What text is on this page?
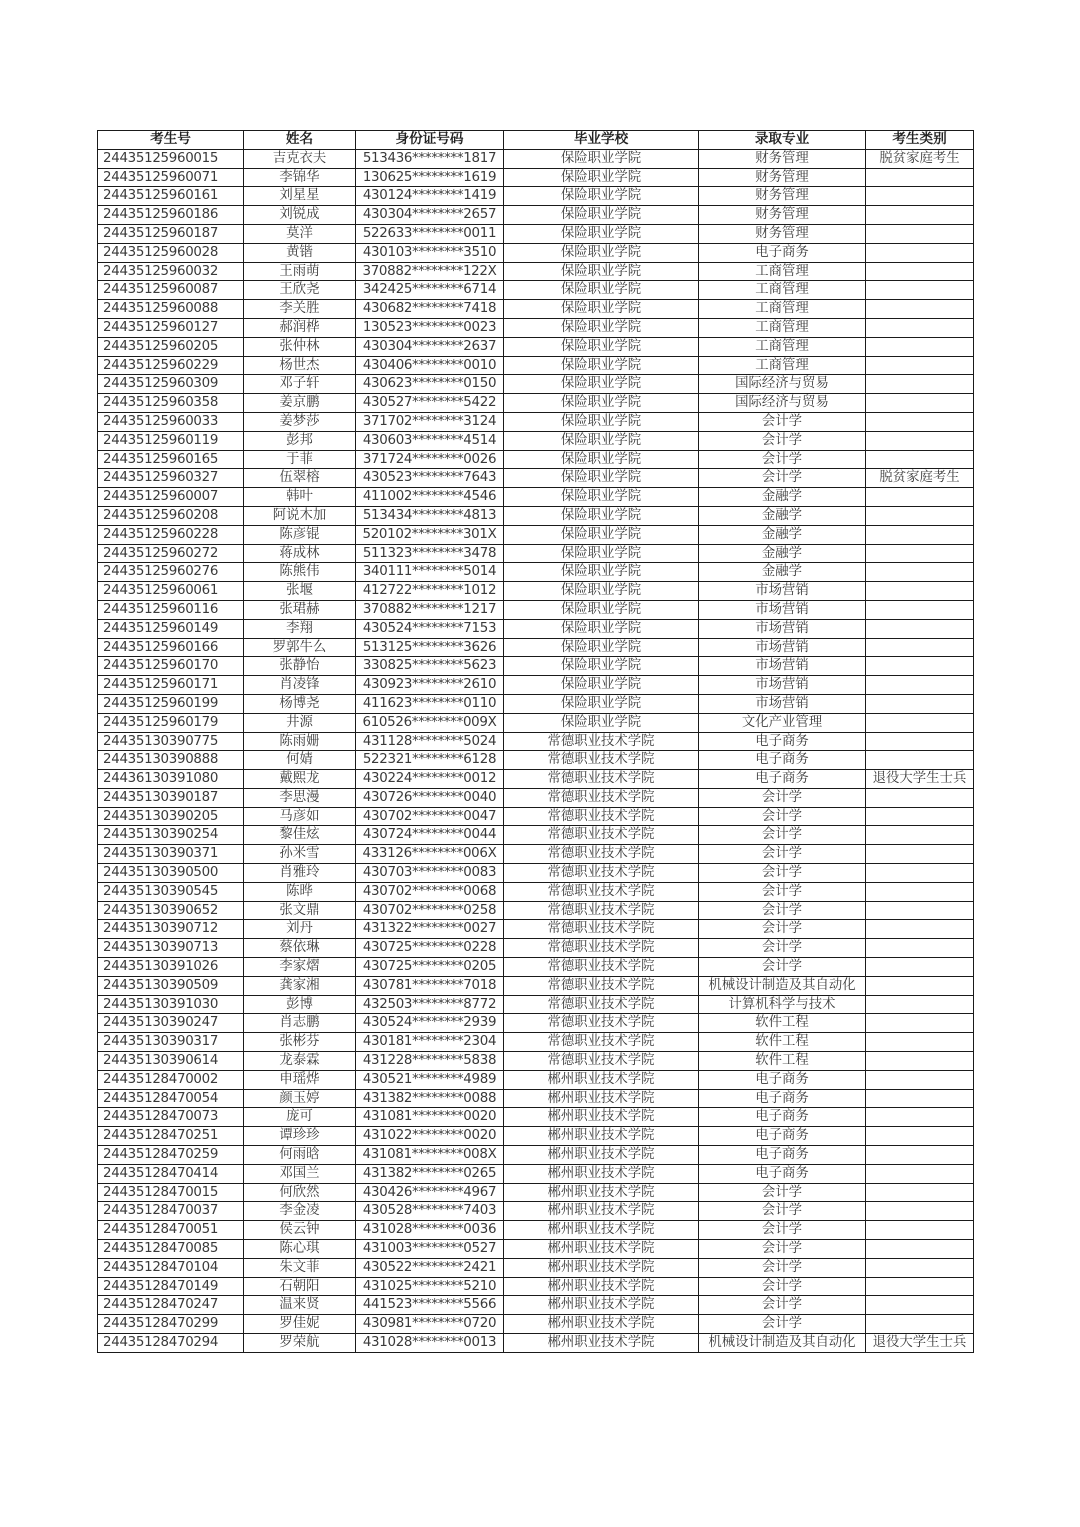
考生号	姓名	身份证号码	毕业学校	录取专业	考生类别
24435125960015	吉克衣夫	513436********1817	保险职业学院	财务管理	脱贫家庭考生
24435125960071	李锦华	130625********1619	保险职业学院	财务管理	
24435125960161	刘星星	430124********1419	保险职业学院	财务管理	
24435125960186	刘锐成	430304********2657	保险职业学院	财务管理	
24435125960187	莫洋	522633********0011	保险职业学院	财务管理	
24435125960028	黄锴	430103********3510	保险职业学院	电子商务	
24435125960032	王雨萌	370882********122X	保险职业学院	工商管理	
24435125960087	王欣尧	342425********6714	保险职业学院	工商管理	
24435125960088	李关胜	430682********7418	保险职业学院	工商管理	
24435125960127	郝润桦	130523********0023	保险职业学院	工商管理	
24435125960205	张仲林	430304********2637	保险职业学院	工商管理	
24435125960229	杨世杰	430406********0010	保险职业学院	工商管理	
24435125960309	邓子轩	430623********0150	保险职业学院	国际经济与贸易	
24435125960358	姜京鹏	430527********5422	保险职业学院	国际经济与贸易	
24435125960033	姜梦莎	371702********3124	保险职业学院	会计学	
24435125960119	彭邦	430603********4514	保险职业学院	会计学	
24435125960165	于菲	371724********0026	保险职业学院	会计学	
24435125960327	伍翠榕	430523********7643	保险职业学院	会计学	脱贫家庭考生
24435125960007	韩叶	411002********4546	保险职业学院	金融学	
24435125960208	阿说木加	513434********4813	保险职业学院	金融学	
24435125960228	陈彦锟	520102********301X	保险职业学院	金融学	
24435125960272	蒋成林	511323********3478	保险职业学院	金融学	
24435125960276	陈熊伟	340111********5014	保险职业学院	金融学	
24435125960061	张堰	412722********1012	保险职业学院	市场营销	
24435125960116	张珺赫	370882********1217	保险职业学院	市场营销	
24435125960149	李翔	430524********7153	保险职业学院	市场营销	
24435125960166	罗郭牛么	513125********3626	保险职业学院	市场营销	
24435125960170	张静怡	330825********5623	保险职业学院	市场营销	
24435125960171	肖凌锋	430923********2610	保险职业学院	市场营销	
24435125960199	杨博尧	411623********0110	保险职业学院	市场营销	
24435125960179	井源	610526********009X	保险职业学院	文化产业管理	
24435130390775	陈雨姗	431128********5024	常德职业技术学院	电子商务	
24435130390888	何婧	522321********6128	常德职业技术学院	电子商务	
24436130391080	戴熙龙	430224********0012	常德职业技术学院	电子商务	退役大学生士兵
24435130390187	李思漫	430726********0040	常德职业技术学院	会计学	
24435130390205	马彦如	430702********0047	常德职业技术学院	会计学	
24435130390254	黎佳炫	430724********0044	常德职业技术学院	会计学	
24435130390371	孙米雪	433126********006X	常德职业技术学院	会计学	
24435130390500	肖雅玲	430703********0083	常德职业技术学院	会计学	
24435130390545	陈晔	430702********0068	常德职业技术学院	会计学	
24435130390652	张文鼎	430702********0258	常德职业技术学院	会计学	
24435130390712	刘丹	431322********0027	常德职业技术学院	会计学	
24435130390713	蔡依琳	430725********0228	常德职业技术学院	会计学	
24435130391026	李家熠	430725********0205	常德职业技术学院	会计学	
24435130390509	龚家湘	430781********7018	常德职业技术学院	机械设计制造及其自动化	
24435130391030	彭博	432503********8772	常德职业技术学院	计算机科学与技术	
24435130390247	肖志鹏	430524********2939	常德职业技术学院	软件工程	
24435130390317	张彬芬	430181********2304	常德职业技术学院	软件工程	
24435130390614	龙泰霖	431228********5838	常德职业技术学院	软件工程	
24435128470002	申瑶烨	430521********4989	郴州职业技术学院	电子商务	
24435128470054	颜玉婷	431382********0088	郴州职业技术学院	电子商务	
24435128470073	庞可	431081********0020	郴州职业技术学院	电子商务	
24435128470251	谭珍珍	431022********0020	郴州职业技术学院	电子商务	
24435128470259	何雨晗	431081********008X	郴州职业技术学院	电子商务	
24435128470414	邓国兰	431382********0265	郴州职业技术学院	电子商务	
24435128470015	何欣然	430426********4967	郴州职业技术学院	会计学	
24435128470037	李金凌	430528********7403	郴州职业技术学院	会计学	
24435128470051	侯云钟	431028********0036	郴州职业技术学院	会计学	
24435128470085	陈心琪	431003********0527	郴州职业技术学院	会计学	
24435128470104	朱文菲	430522********2421	郴州职业技术学院	会计学	
24435128470149	石朝阳	431025********5210	郴州职业技术学院	会计学	
24435128470247	温来贤	441523********5566	郴州职业技术学院	会计学	
24435128470299	罗佳妮	430981********0720	郴州职业技术学院	会计学	
24435128470294	罗荣航	431028********0013	郴州职业技术学院	机械设计制造及其自动化	退役大学生士兵
